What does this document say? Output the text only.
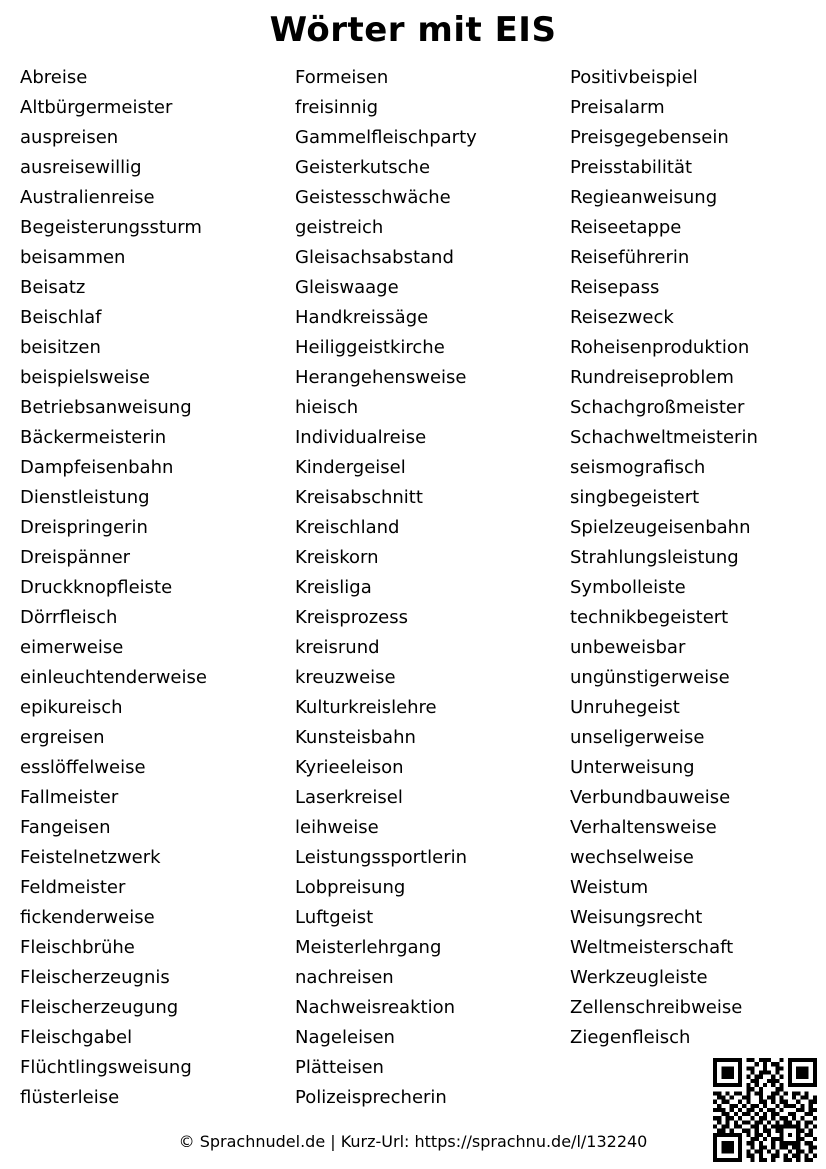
Wörter mit EIS
Abreise
Altbürgermeister
auspreisen
ausreisewillig
Australienreise
Begeisterungssturm
beisammen
Beisatz
Beischlaf
beisitzen
beispielsweise
Betriebsanweisung
Bäckermeisterin
Dampfeisenbahn
Dienstleistung
Dreispringerin
Dreispänner
Druckknopfleiste
Dörrfleisch
eimerweise
einleuchtenderweise
epikureisch
ergreisen
esslöffelweise
Fallmeister
Fangeisen
Feistelnetzwerk
Feldmeister
fickenderweise
Fleischbrühe
Fleischerzeugnis
Fleischerzeugung
Fleischgabel
Flüchtlingsweisung
flüsterleise
Formeisen
freisinnig
Gammelfleischparty
Geisterkutsche
Geistesschwäche
geistreich
Gleisachsabstand
Gleiswaage
Handkreissäge
Heiliggeistkirche
Herangehensweise
hieisch
Individualreise
Kindergeisel
Kreisabschnitt
Kreischland
Kreiskorn
Kreisliga
Kreisprozess
kreisrund
kreuzweise
Kulturkreislehre
Kunsteisbahn
Kyrieeleison
Laserkreisel
leihweise
Leistungssportlerin
Lobpreisung
Luftgeist
Meisterlehrgang
nachreisen
Nachweisreaktion
Nageleisen
Plätteisen
Polizeisprecherin
Positivbeispiel
Preisalarm
Preisgegebensein
Preisstabilität
Regieanweisung
Reiseetappe
Reiseführerin
Reisepass
Reisezweck
Roheisenproduktion
Rundreiseproblem
Schachgroßmeister
Schachweltmeisterin
seismografisch
singbegeistert
Spielzeugeisenbahn
Strahlungsleistung
Symbolleiste
technikbegeistert
unbeweisbar
ungünstigerweise
Unruhegeist
unseligerweise
Unterweisung
Verbundbauweise
Verhaltensweise
wechselweise
Weistum
Weisungsrecht
Weltmeisterschaft
Werkzeugleiste
Zellenschreibweise
Ziegenfleisch
© Sprachnudel.de | Kurz-Url: https://sprachnu.de/l/132240
